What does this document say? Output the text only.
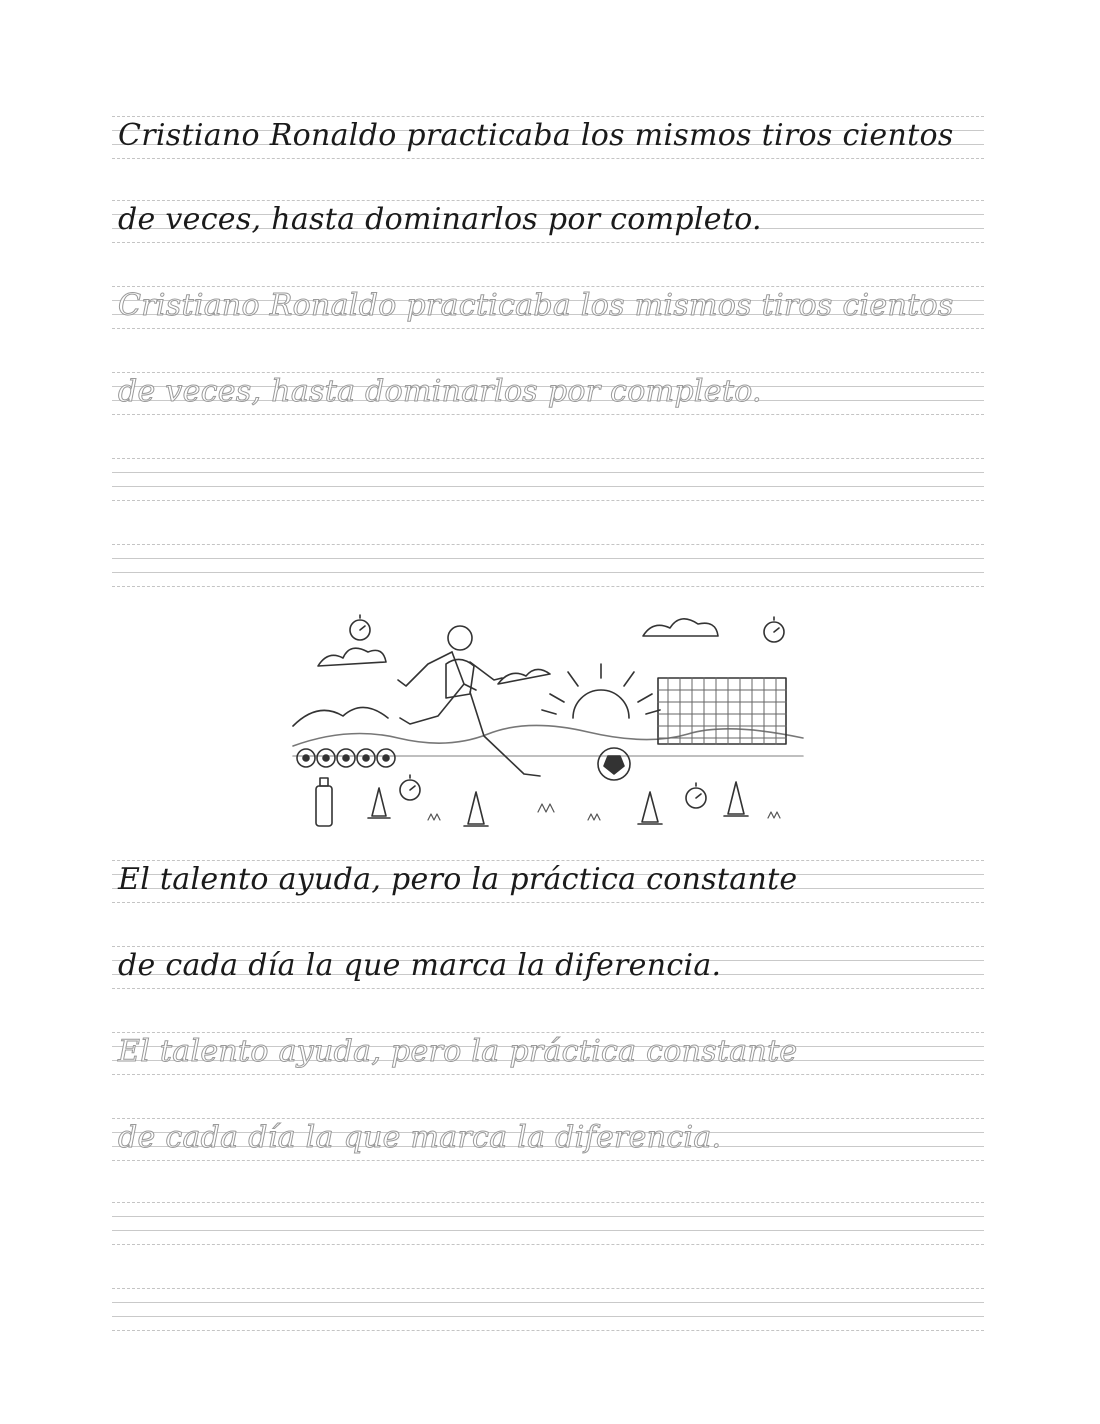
Cristiano Ronaldo practicaba los mismos tiros cientos
de veces, hasta dominarlos por completo.
Cristiano Ronaldo practicaba los mismos tiros cientos
de veces, hasta dominarlos por completo.
El talento ayuda, pero la práctica constante
de cada día la que marca la diferencia.
El talento ayuda, pero la práctica constante
de cada día la que marca la diferencia.
